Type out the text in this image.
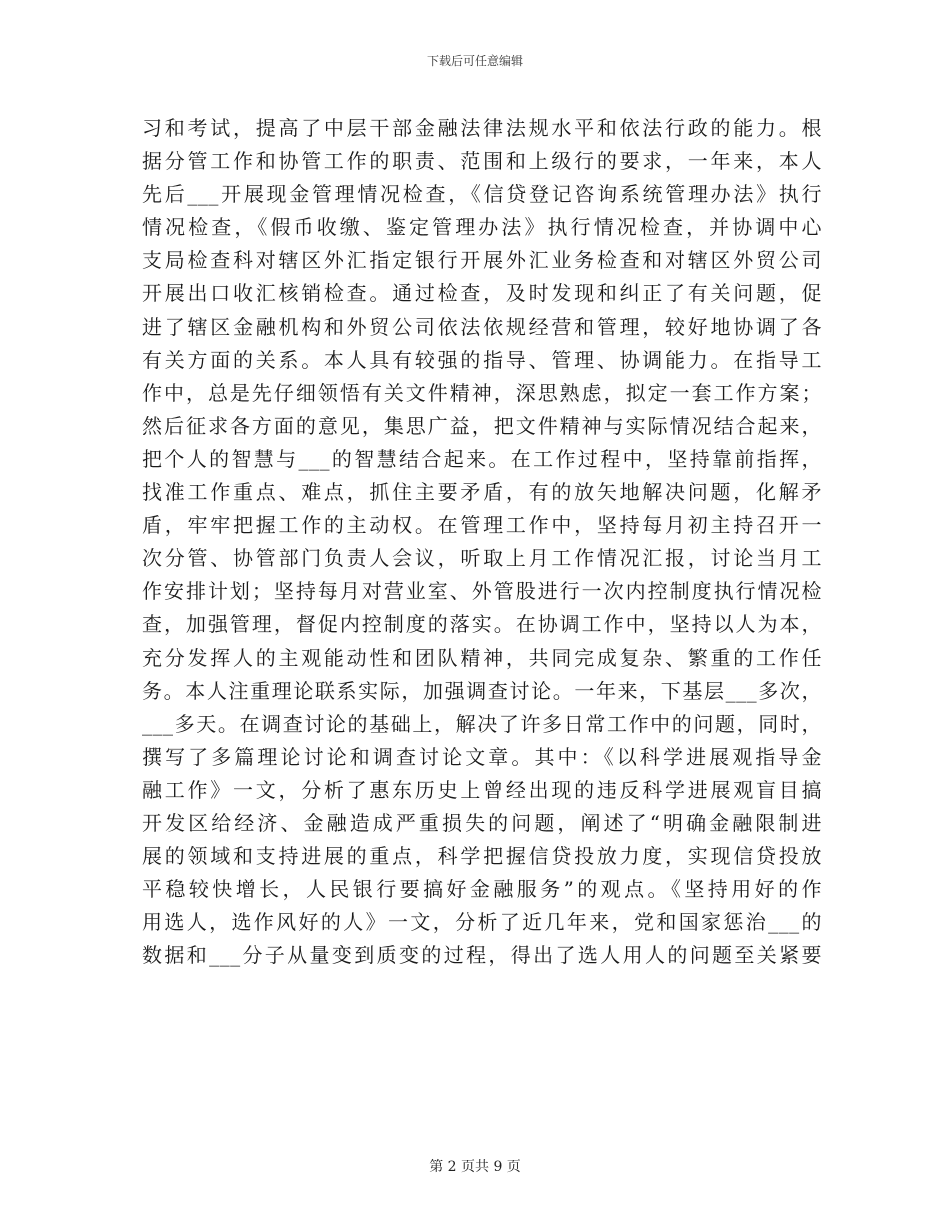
下载后可任意编辑
习和考试，提高了中层干部金融法律法规水平和依法行政的能力。根
据分管工作和协管工作的职责、范围和上级行的要求，一年来，本人
先后___开展现金管理情况检查，《信贷登记咨询系统管理办法》执行
情况检查，《假币收缴、鉴定管理办法》执行情况检查，并协调中心
支局检查科对辖区外汇指定银行开展外汇业务检查和对辖区外贸公司
开展出口收汇核销检查。通过检查，及时发现和纠正了有关问题，促
进了辖区金融机构和外贸公司依法依规经营和管理，较好地协调了各
有关方面的关系。本人具有较强的指导、管理、协调能力。在指导工
作中，总是先仔细领悟有关文件精神，深思熟虑，拟定一套工作方案；
然后征求各方面的意见，集思广益，把文件精神与实际情况结合起来，
把个人的智慧与___的智慧结合起来。在工作过程中，坚持靠前指挥，
找准工作重点、难点，抓住主要矛盾，有的放矢地解决问题，化解矛
盾，牢牢把握工作的主动权。在管理工作中，坚持每月初主持召开一
次分管、协管部门负责人会议，听取上月工作情况汇报，讨论当月工
作安排计划；坚持每月对营业室、外管股进行一次内控制度执行情况检
查，加强管理，督促内控制度的落实。在协调工作中，坚持以人为本，
充分发挥人的主观能动性和团队精神，共同完成复杂、繁重的工作任
务。本人注重理论联系实际，加强调查讨论。一年来，下基层___多次，
___多天。在调查讨论的基础上，解决了许多日常工作中的问题，同时，
撰写了多篇理论讨论和调查讨论文章。其中：《以科学进展观指导金
融工作》一文，分析了惠东历史上曾经出现的违反科学进展观盲目搞
开发区给经济、金融造成严重损失的问题，阐述了“明确金融限制进
展的领域和支持进展的重点，科学把握信贷投放力度，实现信贷投放
平稳较快增长，人民银行要搞好金融服务”的观点。《坚持用好的作
用选人，选作风好的人》一文，分析了近几年来，党和国家惩治___的
数据和___分子从量变到质变的过程，得出了选人用人的问题至关紧要
第 2 页共 9 页
